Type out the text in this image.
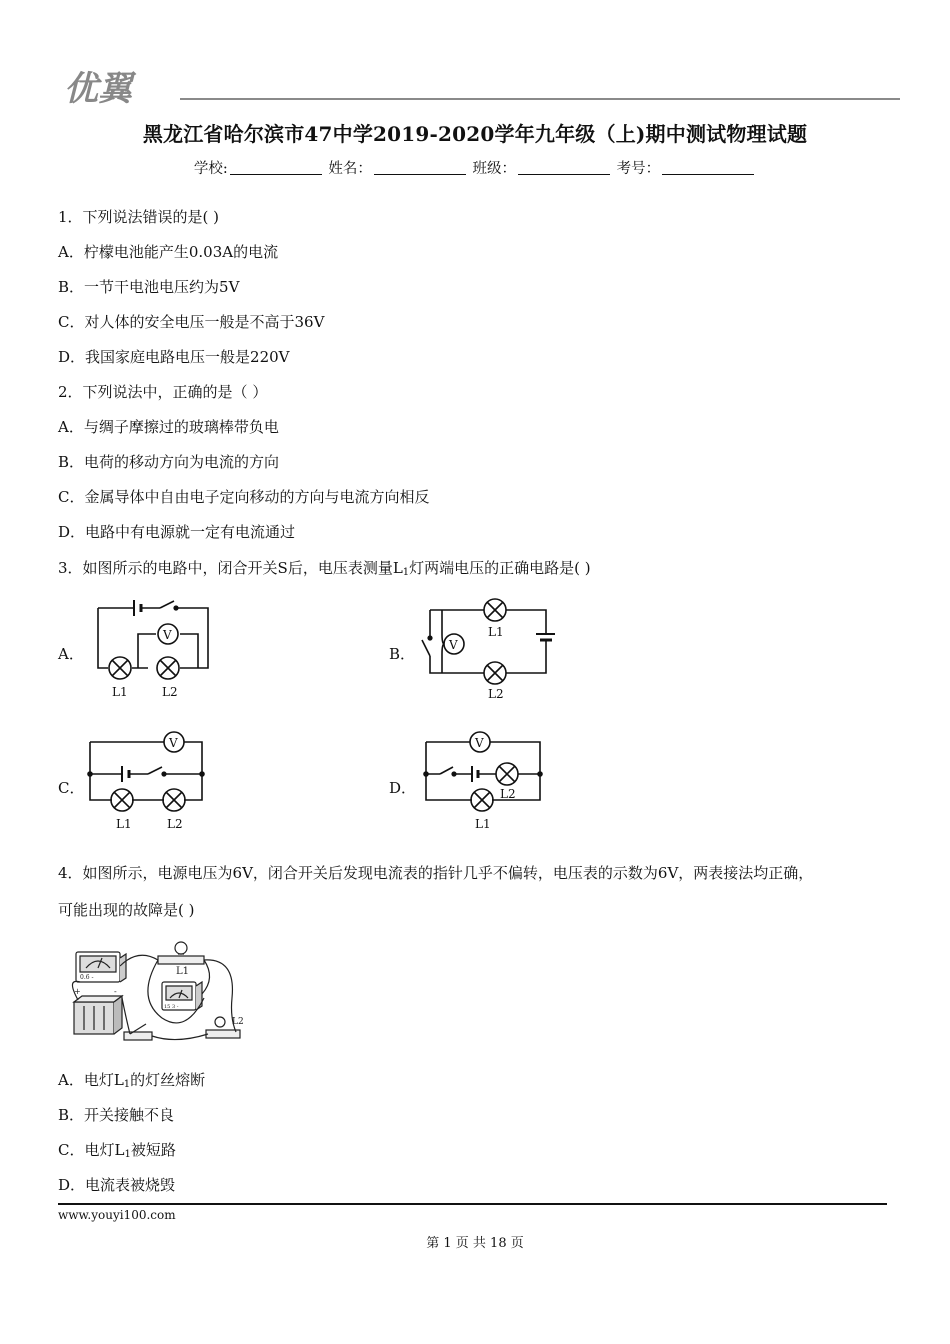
优翼
黑龙江省哈尔滨市47中学2019-2020学年九年级（上)期中测试物理试题
学校:	姓名：	班级：	考号：
1．下列说法错误的是( )
A．柠檬电池能产生0.03A的电流
B．一节干电池电压约为5V
C．对人体的安全电压一般是不高于36V
D．我国家庭电路电压一般是220V
2．下列说法中，正确的是（ ）
A．与绸子摩擦过的玻璃棒带负电
B．电荷的移动方向为电流的方向
C．金属导体中自由电子定向移动的方向与电流方向相反
D．电路中有电源就一定有电流通过
3．如图所示的电路中，闭合开关S后，电压表测量$L_1$灯两端电压的正确电路是( )
A．	B．
C．	D．
V
L1	L2
V
L1
L2
V
L1	L2
V
L2
L1
4．如图所示，电源电压为6V，闭合开关后发现电流表的指针几乎不偏转，电压表的示数为6V，两表接法均正确，
可能出现的故障是( )
0.6 -
+	-
L1
15 3 -
L2
A．电灯$L_1$的灯丝熔断
B．开关接触不良
C．电灯$L_1$被短路
D．电流表被烧毁
www.youyi100.com
第 1 页 共 18 页
